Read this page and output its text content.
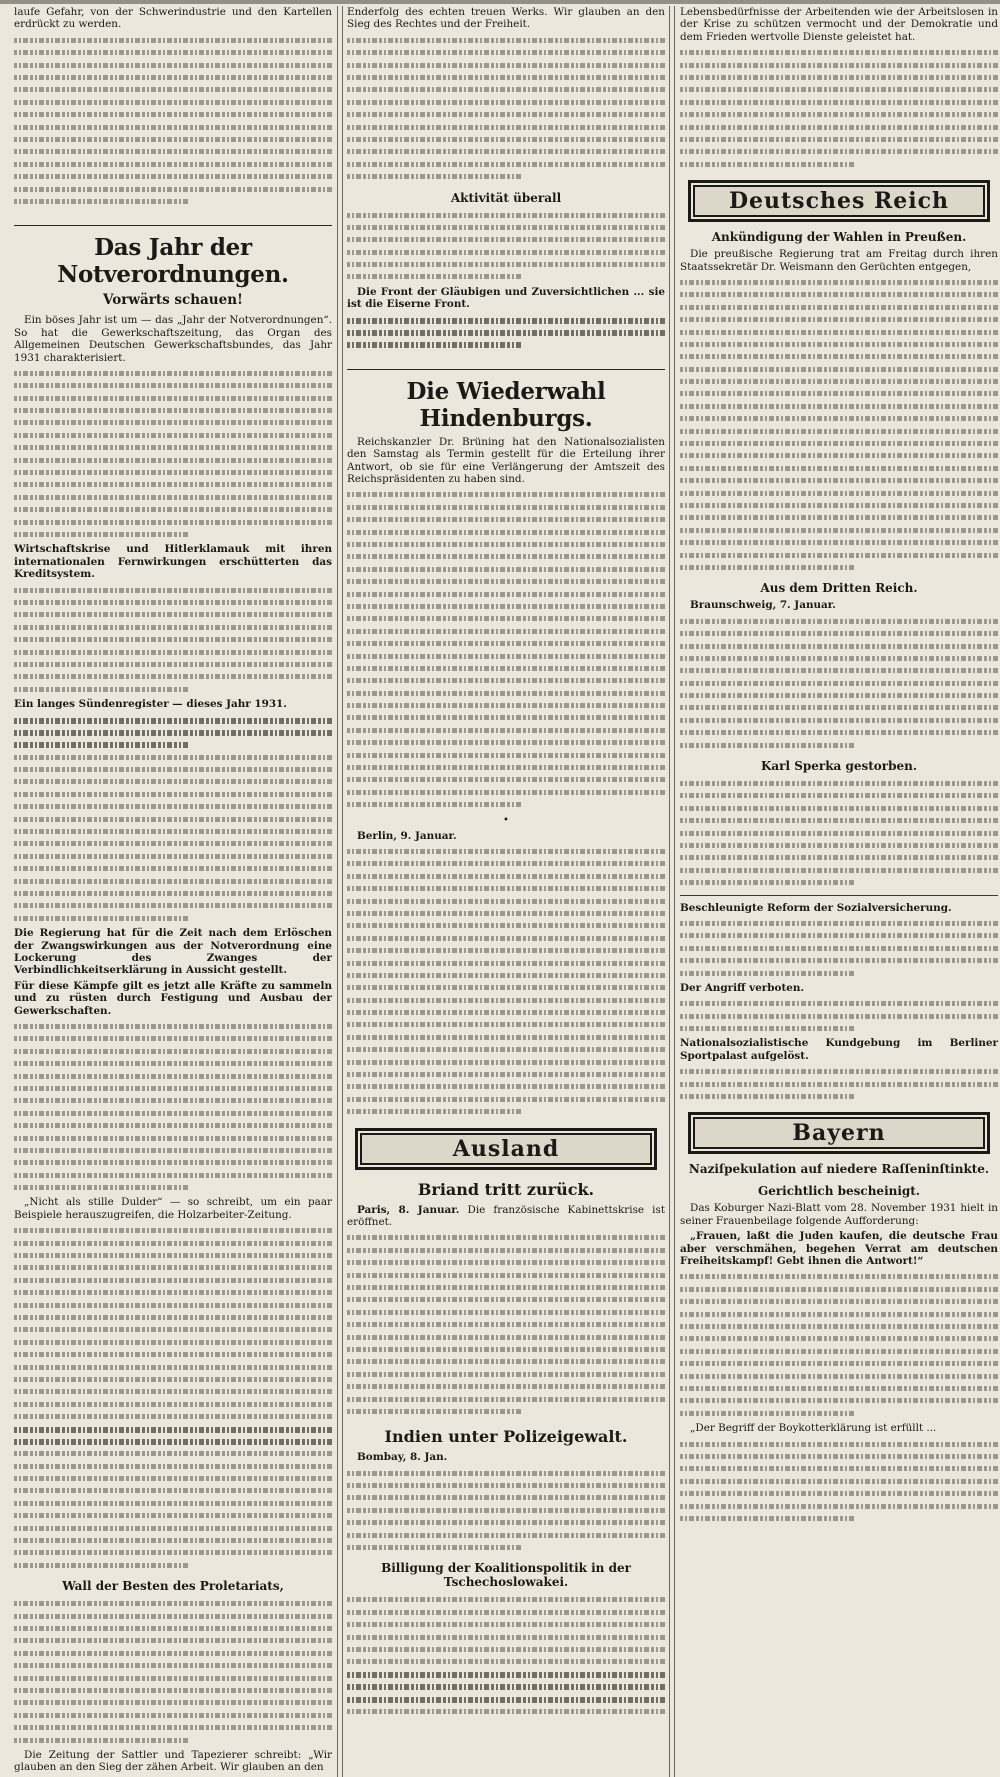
laufe Gefahr, von der Schwerindustrie und den Kartellen erdrückt zu werden.

Das Jahr der Notverordnungen.
Vorwärts schauen!

Ein böses Jahr ist um — das „Jahr der Notverordnungen“. So hat die Gewerkschaftszeitung, das Organ des Allgemeinen Deutschen Gewerkschaftsbundes, das Jahr 1931 charakterisiert.

Wirtschaftskrise und Hitlerklamauk mit ihren internationalen Fernwirkungen erschütterten das Kreditsystem.

Ein langes Sündenregister — dieses Jahr 1931.

Die Regierung hat für die Zeit nach dem Erlöschen der Zwangswirkungen aus der Notverordnung eine Lockerung des Zwanges der Verbindlichkeitserklärung in Aussicht gestellt.

Für diese Kämpfe gilt es jetzt alle Kräfte zu sammeln und zu rüsten durch Festigung und Ausbau der Gewerkschaften.

„Nicht als stille Dulder“ — so schreibt, um ein paar Beispiele herauszugreifen, die Holzarbeiter-Zeitung.

Wall der Besten des Proletariats,

Die Zeitung der Sattler und Tapezierer schreibt: „Wir glauben an den Sieg der zähen Arbeit. Wir glauben an den

Enderfolg des echten treuen Werks. Wir glauben an den Sieg des Rechtes und der Freiheit.

Aktivität überall

Die Front der Gläubigen und Zuversichtlichen ... sie ist die Eiserne Front.

Die Wiederwahl Hindenburgs.

Reichskanzler Dr. Brüning hat den Nationalsozialisten den Samstag als Termin gestellt für die Erteilung ihrer Antwort, ob sie für eine Verlängerung der Amtszeit des Reichspräsidenten zu haben sind.

•

Berlin, 9. Januar.

Ausland
Briand tritt zurück.

Paris, 8. Januar. Die französische Kabinettskrise ist eröffnet.

Indien unter Polizeigewalt.

Bombay, 8. Jan.

Billigung der Koalitionspolitik in der Tschechoslowakei.

Lebensbedürfnisse der Arbeitenden wie der Arbeitslosen in der Krise zu schützen vermocht und der Demokratie und dem Frieden wertvolle Dienste geleistet hat.

Deutsches Reich
Ankündigung der Wahlen in Preußen.

Die preußische Regierung trat am Freitag durch ihren Staatssekretär Dr. Weismann den Gerüchten entgegen,

Aus dem Dritten Reich.

Braunschweig, 7. Januar.

Karl Sperka gestorben.

Beschleunigte Reform der Sozialversicherung.

Der Angriff verboten.

Nationalsozialistische Kundgebung im Berliner Sportpalast aufgelöst.

Bayern
Naziſpekulation auf niedere Raſſeninſtinkte.
Gerichtlich bescheinigt.

Das Koburger Nazi-Blatt vom 28. November 1931 hielt in seiner Frauenbeilage folgende Aufforderung:

„Frauen, laßt die Juden kaufen, die deutsche Frau aber verschmähen, begehen Verrat am deutschen Freiheitskampf! Gebt ihnen die Antwort!“

„Der Begriff der Boykotterklärung ist erfüllt ...
